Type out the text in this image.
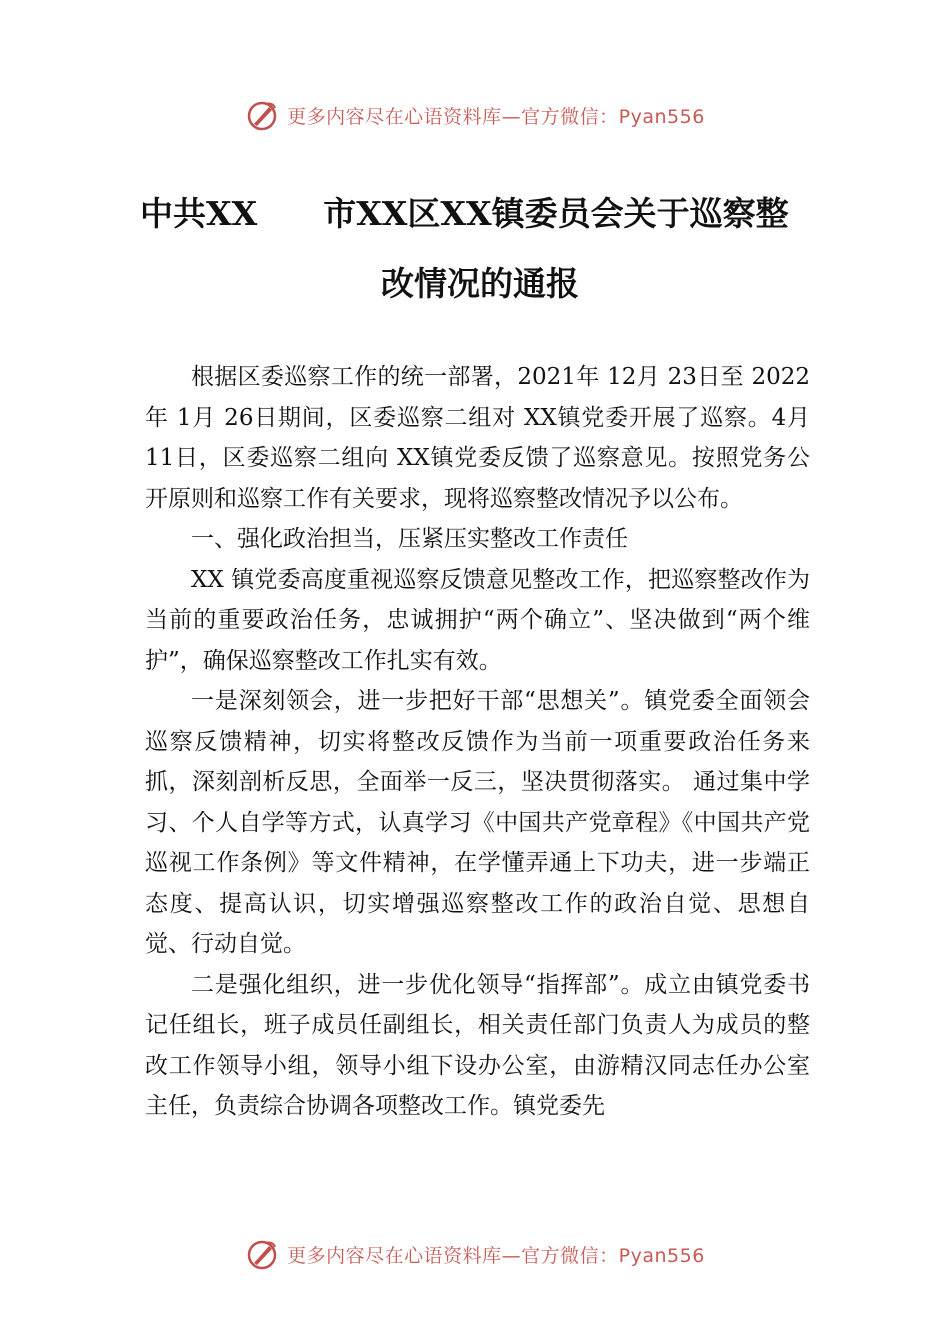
更多内容尽在心语资料库—官方微信：Pyan556
中共XX　　市XX区XX镇委员会关于巡察整
改情况的通报

根据区委巡察工作的统一部署，2021年 12月 23日至 2022年 1月 26日期间，区委巡察二组对 XX镇党委开展了巡察。4月 11日，区委巡察二组向 XX镇党委反馈了巡察意见。按照党务公开原则和巡察工作有关要求，现将巡察整改情况予以公布。

一、强化政治担当，压紧压实整改工作责任

XX 镇党委高度重视巡察反馈意见整改工作，把巡察整改作为当前的重要政治任务，忠诚拥护“两个确立”、坚决做到“两个维护”，确保巡察整改工作扎实有效。

一是深刻领会，进一步把好干部“思想关”。镇党委全面领会巡察反馈精神，切实将整改反馈作为当前一项重要政治任务来抓，深刻剖析反思，全面举一反三，坚决贯彻落实。 通过集中学习、个人自学等方式，认真学习《中国共产党章程》《中国共产党巡视工作条例》等文件精神，在学懂弄通上下功夫，进一步端正态度、提高认识，切实增强巡察整改工作的政治自觉、思想自觉、行动自觉。

二是强化组织，进一步优化领导“指挥部”。成立由镇党委书记任组长，班子成员任副组长，相关责任部门负责人为成员的整改工作领导小组，领导小组下设办公室，由游精汉同志任办公室主任，负责综合协调各项整改工作。镇党委先

更多内容尽在心语资料库—官方微信：Pyan556
